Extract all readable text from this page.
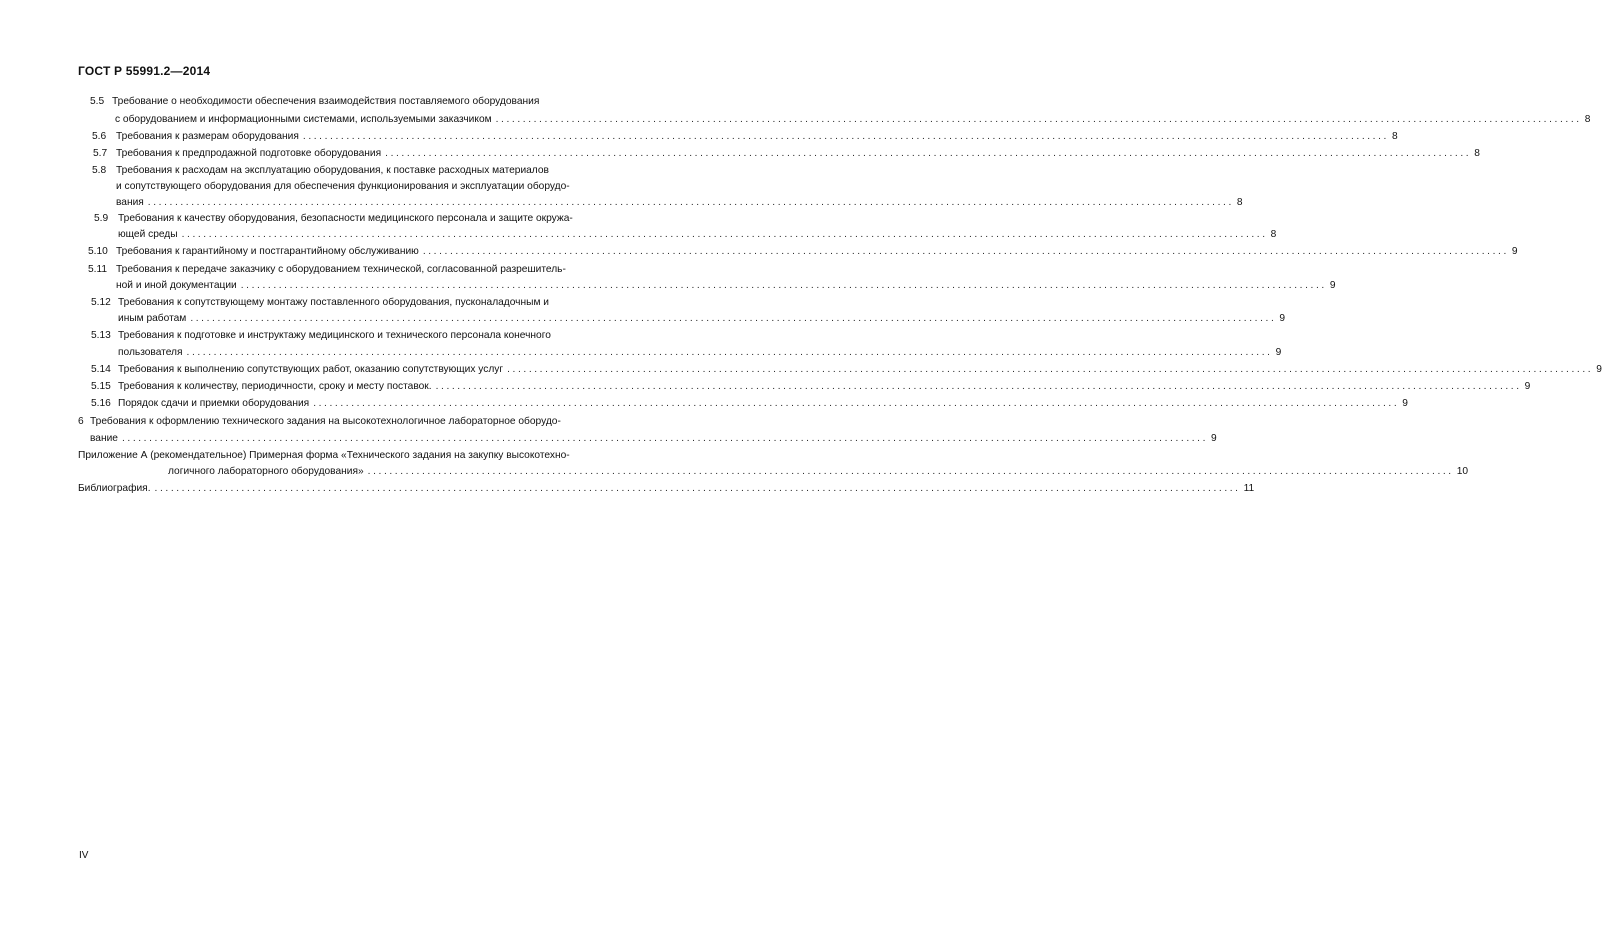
ГОСТ Р 55991.2—2014
5.5 Требование о необходимости обеспечения взаимодействия поставляемого оборудования
с оборудованием и информационными системами, используемыми заказчиком ........................................................................................................................................................................................................ 8
5.6 Требования к размерам оборудования ........................................................................................................................................................................................................ 8
5.7 Требования к предпродажной подготовке оборудования ........................................................................................................................................................................................................ 8
5.8 Требования к расходам на эксплуатацию оборудования, к поставке расходных материалов
и сопутствующего оборудования для обеспечения функционирования и эксплуатации оборудо-
вания ........................................................................................................................................................................................................ 8
5.9 Требования к качеству оборудования, безопасности медицинского персонала и защите окружа-
ющей среды ........................................................................................................................................................................................................ 8
5.10 Требования к гарантийному и постгарантийному обслуживанию ........................................................................................................................................................................................................ 9
5.11 Требования к передаче заказчику с оборудованием технической, согласованной разрешитель-
ной и иной документации ........................................................................................................................................................................................................ 9
5.12 Требования к сопутствующему монтажу поставленного оборудования, пусконаладочным и
иным работам ........................................................................................................................................................................................................ 9
5.13 Требования к подготовке и инструктажу медицинского и технического персонала конечного
пользователя ........................................................................................................................................................................................................ 9
5.14 Требования к выполнению сопутствующих работ, оказанию сопутствующих услуг ........................................................................................................................................................................................................ 9
5.15 Требования к количеству, периодичности, сроку и месту поставок. ........................................................................................................................................................................................................ 9
5.16 Порядок сдачи и приемки оборудования ........................................................................................................................................................................................................ 9
6 Требования к оформлению технического задания на высокотехнологичное лабораторное оборудо-
вание ........................................................................................................................................................................................................ 9
Приложение А (рекомендательное) Примерная форма «Технического задания на закупку высокотехно-
логичного лабораторного оборудования» ........................................................................................................................................................................................................ 10
Библиография. ........................................................................................................................................................................................................ 11
IV
